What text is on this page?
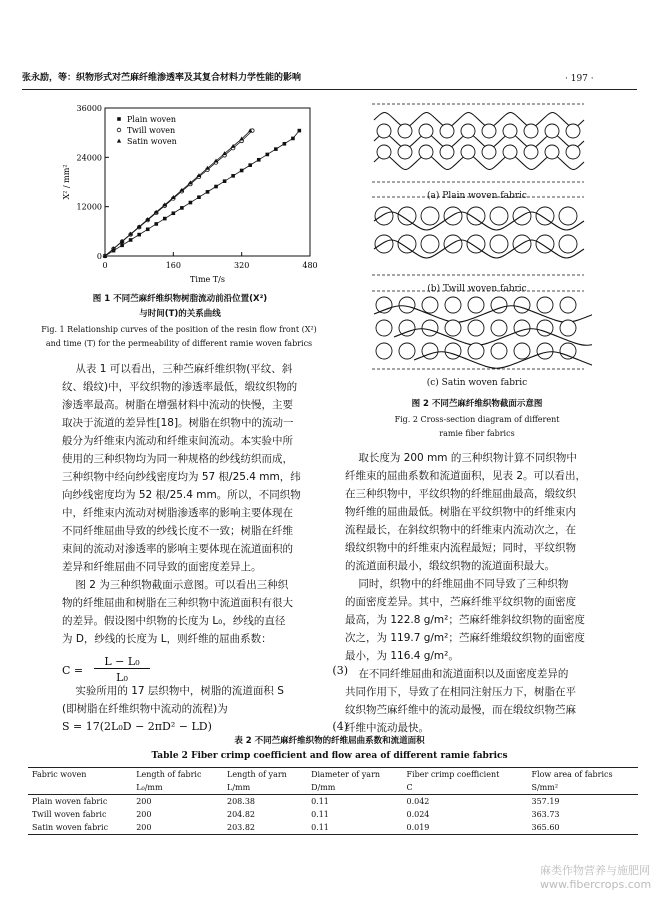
张永励，等：织物形式对苎麻纤维渗透率及其复合材料力学性能的影响	· 197 ·
0	160	320	480
0
12000
24000
36000
Time T/s
X² / mm²
Plain woven
Twill woven
Satin woven
图 1 不同苎麻纤维织物树脂流动前沿位置(X²)
与时间(T)的关系曲线
Fig. 1 Relationship curves of the position of the resin flow front (X²)
and time (T) for the permeability of different ramie woven fabrics
从表 1 可以看出，三种苎麻纤维织物(平纹、斜
纹、缎纹)中，平纹织物的渗透率最低，缎纹织物的
渗透率最高。树脂在增强材料中流动的快慢，主要
取决于流道的差异性[18]。树脂在织物中的流动一
般分为纤维束内流动和纤维束间流动。本实验中所
使用的三种织物均为同一种规格的纱线纺织而成，
三种织物中经向纱线密度均为 57 根/25.4 mm，纬
向纱线密度均为 52 根/25.4 mm。所以，不同织物
中，纤维束内流动对树脂渗透率的影响主要体现在
不同纤维屈曲导致的纱线长度不一致；树脂在纤维
束间的流动对渗透率的影响主要体现在流道面积的
差异和纤维屈曲不同导致的面密度差异上。
图 2 为三种织物截面示意图。可以看出三种织
物的纤维屈曲和树脂在三种织物中流道面积有很大
的差异。假设图中织物的长度为 L₀，纱线的直径
为 D，纱线的长度为 L，则纤维的屈曲系数：
C =
L − L₀
L₀
(3)
实验所用的 17 层织物中，树脂的流道面积 S
(即树脂在纤维织物中流动的流程)为
S = 17(2L₀D − 2πD² − LD)	(4)
(a) Plain woven fabric
(b) Twill woven fabric
(c) Satin woven fabric
图 2 不同苎麻纤维织物截面示意图
Fig. 2 Cross-section diagram of different
ramie fiber fabrics
取长度为 200 mm 的三种织物计算不同织物中
纤维束的屈曲系数和流道面积，见表 2。可以看出，
在三种织物中，平纹织物的纤维屈曲最高，缎纹织
物纤维的屈曲最低。树脂在平纹织物中的纤维束内
流程最长，在斜纹织物中的纤维束内流动次之，在
缎纹织物中的纤维束内流程最短；同时，平纹织物
的流道面积最小，缎纹织物的流道面积最大。
同时，织物中的纤维屈曲不同导致了三种织物
的面密度差异。其中，苎麻纤维平纹织物的面密度
最高，为 122.8 g/m²；苎麻纤维斜纹织物的面密度
次之，为 119.7 g/m²；苎麻纤维缎纹织物的面密度
最小，为 116.4 g/m²。
在不同纤维屈曲和流道面积以及面密度差异的
共同作用下，导致了在相同注射压力下，树脂在平
纹织物苎麻纤维中的流动最慢，而在缎纹织物苎麻
纤维中流动最快。
表 2 不同苎麻纤维织物的纤维屈曲系数和流道面积
Table 2 Fiber crimp coefficient and flow area of different ramie fabrics
Fabric woven	Length of fabric	Length of yarn	Diameter of yarn	Fiber crimp coefficient	Flow area of fabrics
	L₀/mm	L/mm	D/mm	C	S/mm²
Plain woven fabric	200	208.38	0.11	0.042	357.19
Twill woven fabric	200	204.82	0.11	0.024	363.73
Satin woven fabric	200	203.82	0.11	0.019	365.60
麻类作物营养与施肥网
www.fibercrops.com
